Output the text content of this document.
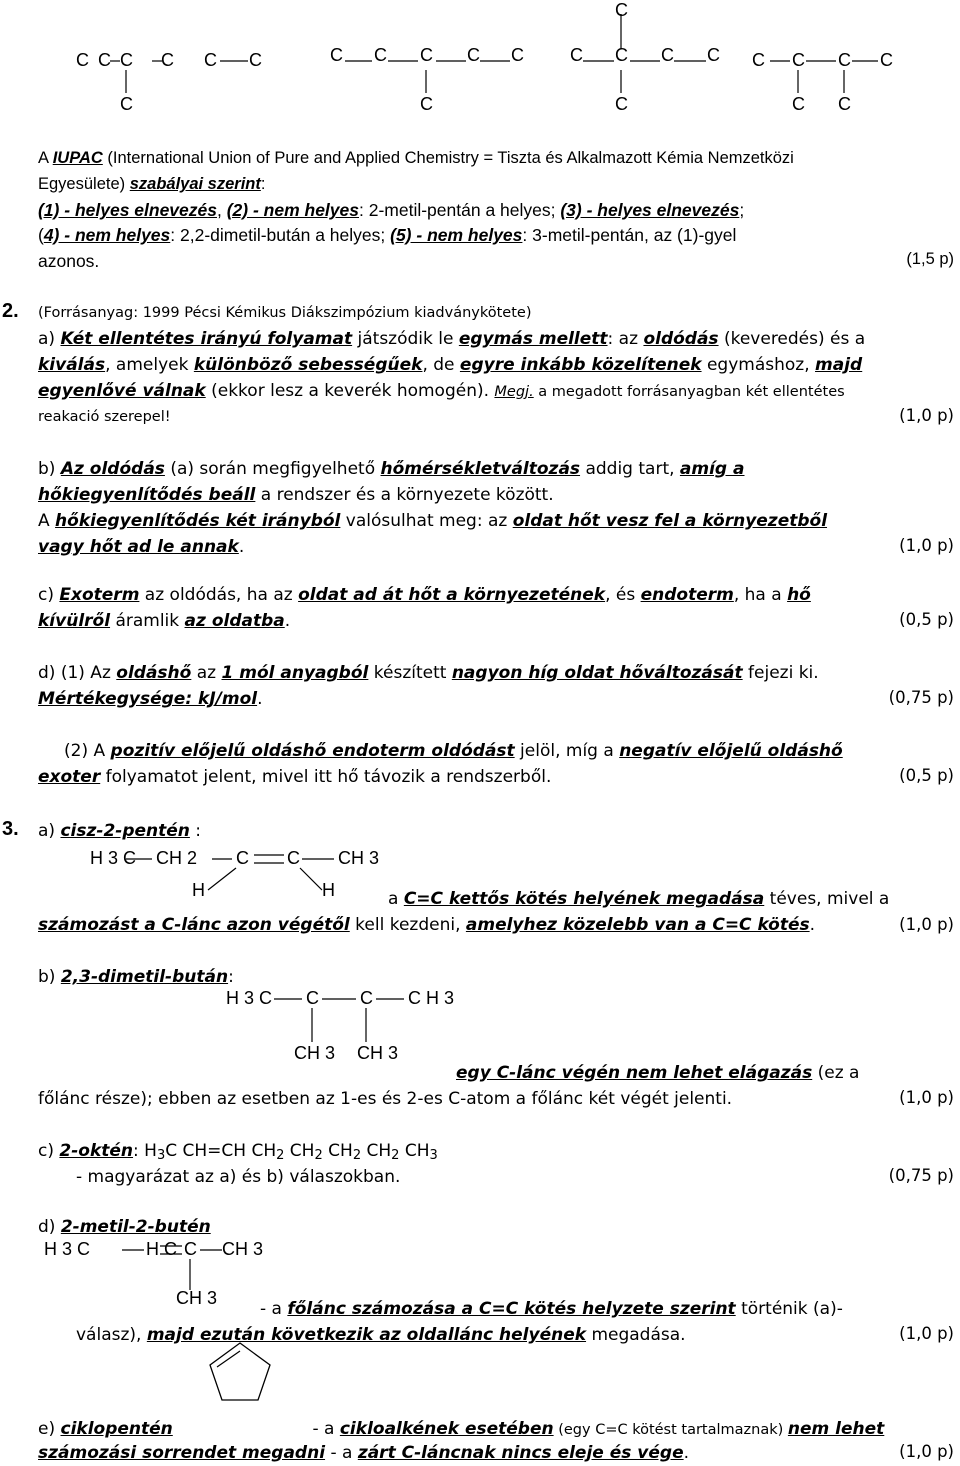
C C C C C C
C
C C C C C
C
C
C C C C
C
C C C C
C C
A IUPAC (International Union of Pure and Applied Chemistry = Tiszta és Alkalmazott Kémia Nemzetközi
Egyesülete) szabályai szerint:
(1) - helyes elnevezés, (2) - nem helyes: 2-metil-pentán a helyes; (3) - helyes elnevezés;
(4) - nem helyes: 2,2-dimetil-bután a helyes; (5) - nem helyes: 3-metil-pentán, az (1)-gyel
azonos.	(1,5 p)
2. (Forrásanyag: 1999 Pécsi Kémikus Diákszimpózium kiadványkötete)
a) Két ellentétes irányú folyamat játszódik le egymás mellett: az oldódás (keveredés) és a
kiválás, amelyek különböző sebességűek, de egyre inkább közelítenek egymáshoz, majd
egyenlővé válnak (ekkor lesz a keverék homogén). Megj. a megadott forrásanyagban két ellentétes
reakació szerepel!	(1,0 p)
b) Az oldódás (a) során megfigyelhető hőmérsékletváltozás addig tart, amíg a
hőkiegyenlítődés beáll a rendszer és a környezete között.
A hőkiegyenlítődés két irányból valósulhat meg: az oldat hőt vesz fel a környezetből
vagy hőt ad le annak.	(1,0 p)
c) Exoterm az oldódás, ha az oldat ad át hőt a környezetének, és endoterm, ha a hő
kívülről áramlik az oldatba.	(0,5 p)
d) (1) Az oldáshő az 1 mól anyagból készített nagyon híg oldat hőváltozását fejezi ki.
Mértékegysége: kJ/mol.	(0,75 p)
(2) A pozitív előjelű oldáshő endoterm oldódást jelöl, míg a negatív előjelű oldáshő
exoter folyamatot jelent, mivel itt hő távozik a rendszerből.	(0,5 p)
3. a) cisz-2-pentén :
H 3 C CH 2 C C CH 3
H	H	a C=C kettős kötés helyének megadása téves, mivel a
számozást a C-lánc azon végétől kell kezdeni, amelyhez közelebb van a C=C kötés.	(1,0 p)
b) 2,3-dimetil-bután:
H 3 C C C C H 3
CH 3 CH 3
egy C-lánc végén nem lehet elágazás (ez a
főlánc része); ebben az esetben az 1-es és 2-es C-atom a főlánc két végét jelenti.	(1,0 p)
c) 2-oktén: $H_3C$ CH=CH $CH_2$ $CH_2$ $CH_2$ $CH_2$ $CH_3$
- magyarázat az a) és b) válaszokban.	(0,75 p)
d) 2-metil-2-butén
H 3 C	H C C CH 3
CH 3
- a főlánc számozása a C=C kötés helyzete szerint történik (a)-
válasz), majd ezután következik az oldallánc helyének megadása.	(1,0 p)
e) ciklopentén	- a cikloalkének esetében (egy C=C kötést tartalmaznak) nem lehet
számozási sorrendet megadni - a zárt C-láncnak nincs eleje és vége.	(1,0 p)
